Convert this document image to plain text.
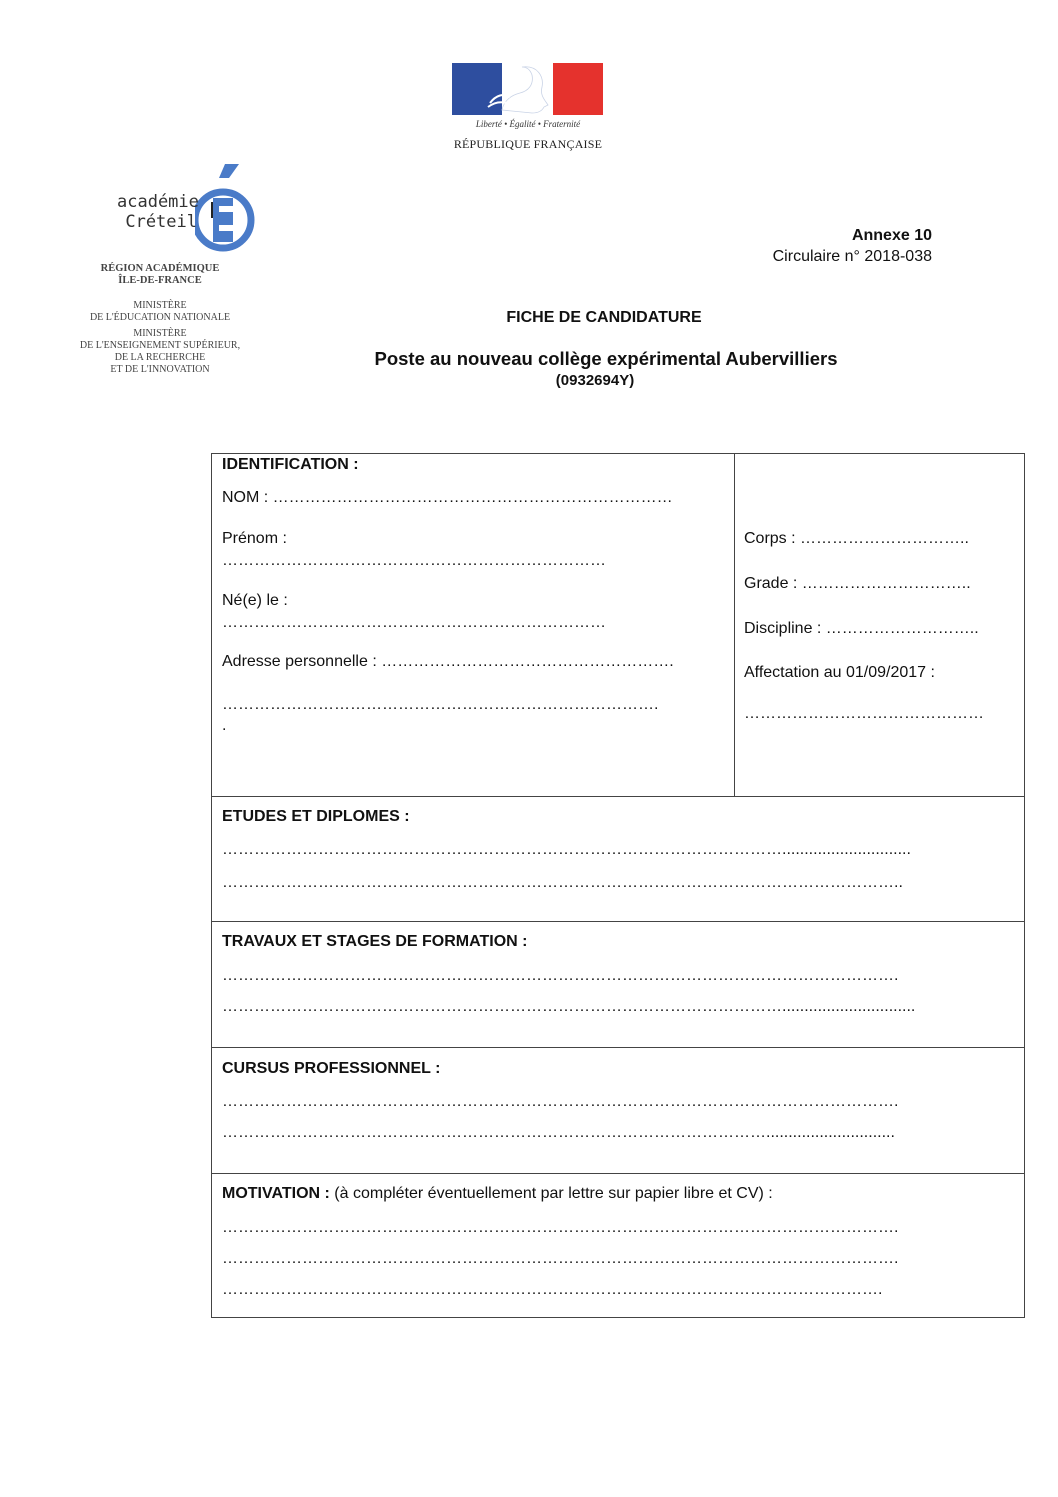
Liberté • Égalité • Fraternité
RÉPUBLIQUE FRANÇAISE
académie
Créteil
RÉGION ACADÉMIQUE
ÎLE-DE-FRANCE
MINISTÈRE
DE L'ÉDUCATION NATIONALE
MINISTÈRE
DE L'ENSEIGNEMENT SUPÉRIEUR,
DE LA RECHERCHE
ET DE L'INNOVATION
Annexe 10
Circulaire n° 2018-038
FICHE DE CANDIDATURE
Poste au nouveau collège expérimental Aubervilliers
(0932694Y)
IDENTIFICATION :
NOM : …………………………………………………………………
Prénom :
………………………………………………………………
Né(e) le :
………………………………………………………………
Adresse personnelle : ……………………………………………….
……………………………………………………………………….
.
Corps : …………………………..
Grade : …………………………..
Discipline : ………………………..
Affectation au 01/09/2017 :
………………………………………
ETUDES ET DIPLOMES :
…………………………………………………………………………………………….............................
………………………………………………………………………………………………………………..
TRAVAUX ET STAGES DE FORMATION :
……………………………………………………………………………………………………………….
……………………………………………………………………………………………..............................
CURSUS PROFESSIONNEL :
……………………………………………………………………………………………………………….
………………………………………………………………………………………….............................
MOTIVATION : (à compléter éventuellement par lettre sur papier libre et CV) :
……………………………………………………………………………………………………………….
……………………………………………………………………………………………………………….
…………………………………………………………………………………………………………….
